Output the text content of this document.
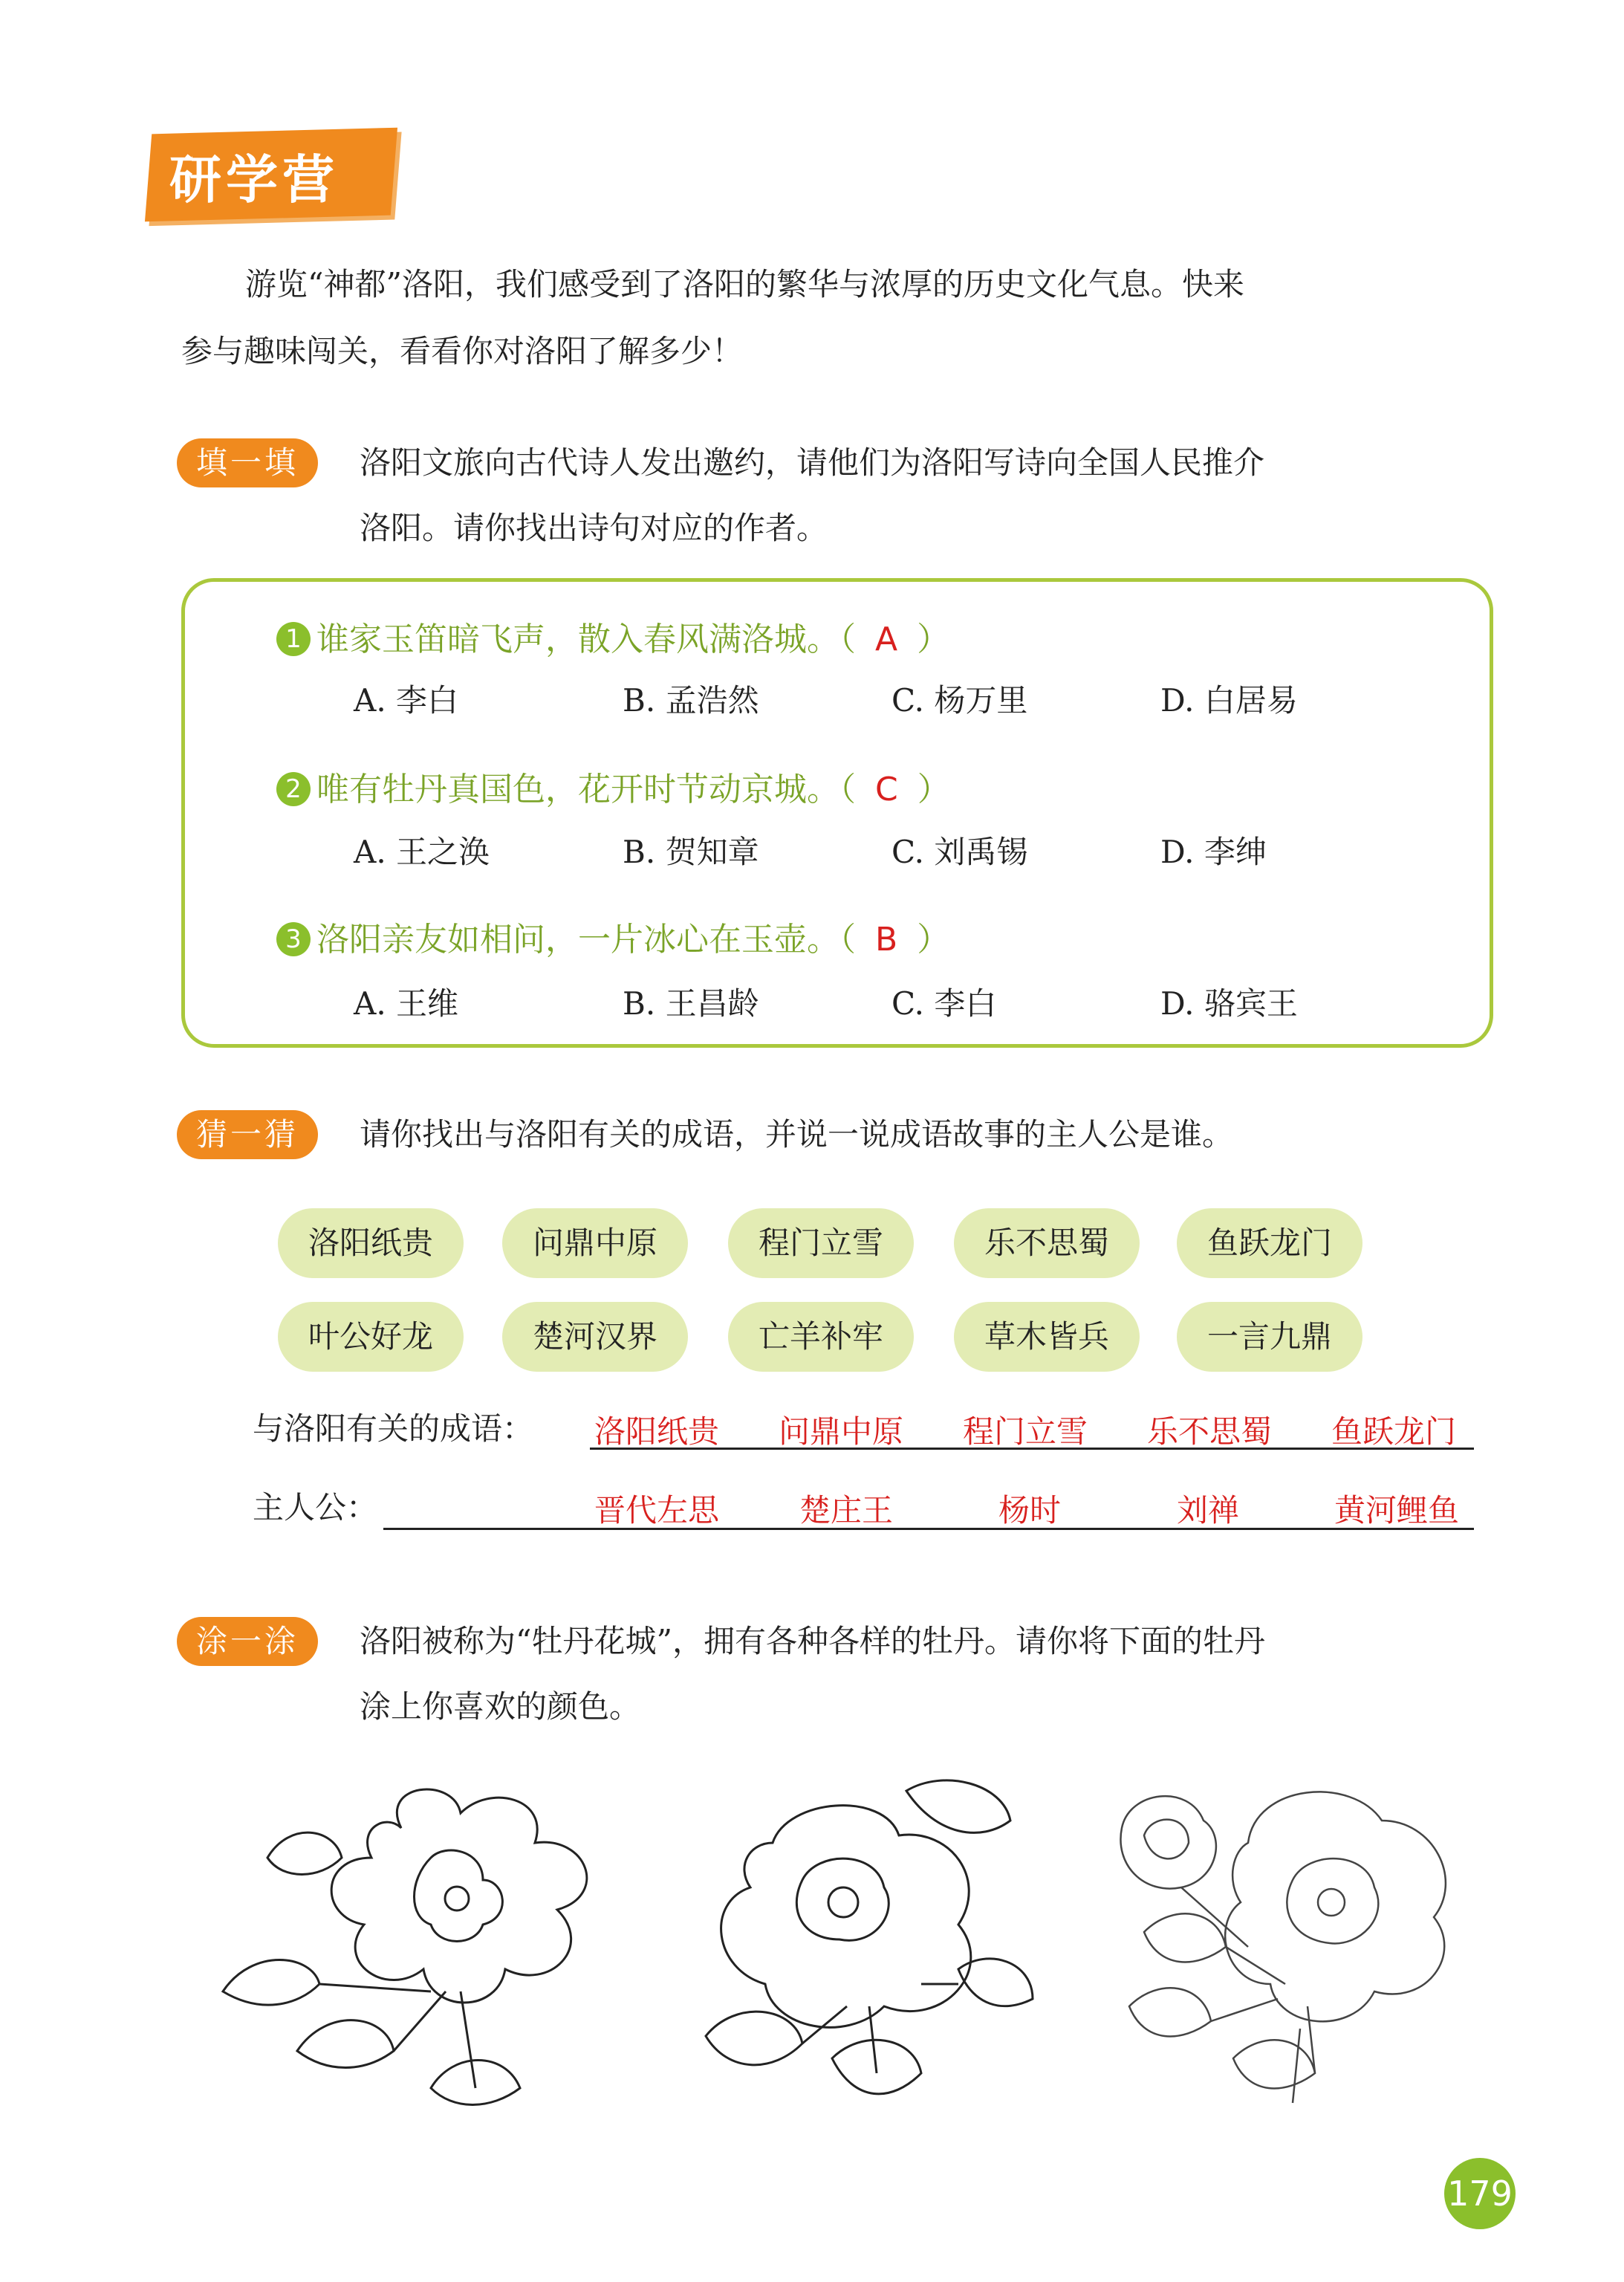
研学营
游览“神都”洛阳，我们感受到了洛阳的繁华与浓厚的历史文化气息。快来
参与趣味闯关，看看你对洛阳了解多少！
填一填	洛阳文旅向古代诗人发出邀约，请他们为洛阳写诗向全国人民推介
洛阳。请你找出诗句对应的作者。
1 谁家玉笛暗飞声，散入春风满洛城。（ A ）
A. 李白	B. 孟浩然	C. 杨万里	D. 白居易
2 唯有牡丹真国色，花开时节动京城。（ C ）
A. 王之涣	B. 贺知章	C. 刘禹锡	D. 李绅
3 洛阳亲友如相问，一片冰心在玉壶。（ B ）
A. 王维	B. 王昌龄	C. 李白	D. 骆宾王
猜一猜	请你找出与洛阳有关的成语，并说一说成语故事的主人公是谁。
洛阳纸贵	问鼎中原	程门立雪	乐不思蜀	鱼跃龙门
叶公好龙	楚河汉界	亡羊补牢	草木皆兵	一言九鼎
与洛阳有关的成语： 洛阳纸贵 问鼎中原 程门立雪 乐不思蜀 鱼跃龙门
主人公：	晋代左思	楚庄王	杨时	刘禅	黄河鲤鱼
涂一涂	洛阳被称为“牡丹花城”，拥有各种各样的牡丹。请你将下面的牡丹
涂上你喜欢的颜色。
179
